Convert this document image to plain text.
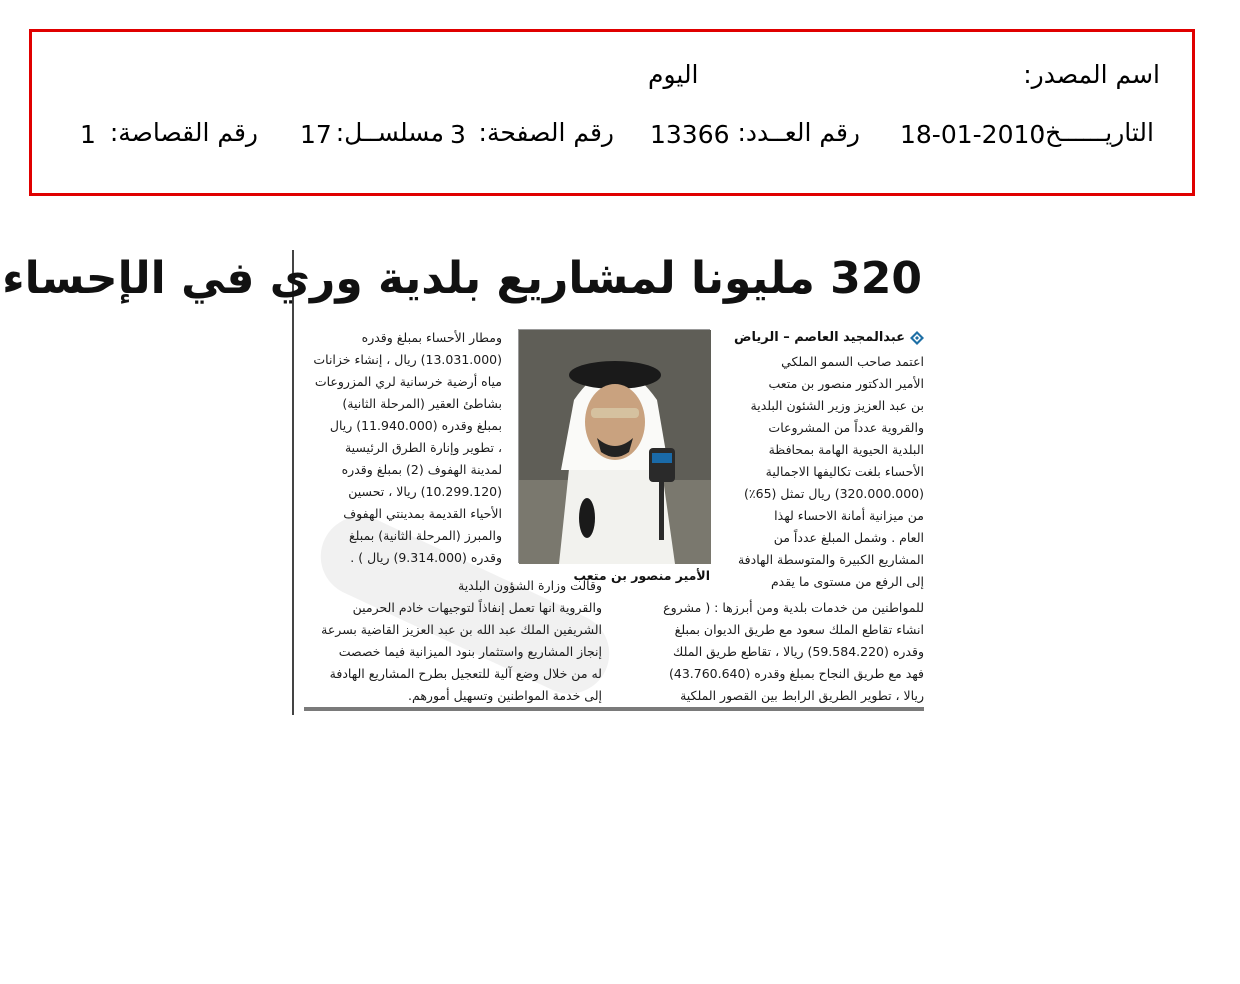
اسم المصدر:
اليوم
التاريــــــخ:
18-01-2010
رقم العــدد:
13366
رقم الصفحة:
3
مسلســل:
17
رقم القصاصة:
1
320 مليونا لمشاريع بلدية وري في الإحساء
عبدالمجيد العاصم – الرياض
اعتمد صاحب السمو الملكي
الأمير الدكتور منصور بن متعب
بن عبد العزيز وزير الشئون البلدية
والقروية عدداً من المشروعات
البلدية الحيوية الهامة بمحافظة
الأحساء بلغت تكاليفها الاجمالية
(320.000.000) ريال تمثل (65٪)
من ميزانية أمانة الاحساء لهذا
العام . وشمل المبلغ عدداً من
المشاريع الكبيرة والمتوسطة الهادفة
إلى الرفع من مستوى ما يقدم
الأمير منصور بن متعب
ومطار الأحساء بمبلغ وقدره
(13.031.000) ريال ، إنشاء خزانات
مياه أرضية خرسانية لري المزروعات
بشاطئ العقير (المرحلة الثانية)
بمبلغ وقدره (11.940.000) ريال
، تطوير وإنارة الطرق الرئيسية
لمدينة الهفوف (2) بمبلغ وقدره
(10.299.120) ريالا ، تحسين
الأحياء القديمة بمدينتي الهفوف
والمبرز (المرحلة الثانية) بمبلغ
وقدره (9.314.000) ريال ) .
وقالت وزارة الشؤون البلدية
والقروية انها تعمل إنفاذاً لتوجيهات خادم الحرمين
الشريفين الملك عبد الله بن عبد العزيز القاضية بسرعة
إنجاز المشاريع واستثمار بنود الميزانية فيما خصصت
له من خلال وضع آلية للتعجيل بطرح المشاريع الهادفة
إلى خدمة المواطنين وتسهيل أمورهم.
للمواطنين من خدمات بلدية ومن أبرزها : ( مشروع
انشاء تقاطع الملك سعود مع طريق الديوان بمبلغ
وقدره (59.584.220) ريالا ، تقاطع طريق الملك
فهد مع طريق النجاح بمبلغ وقدره (43.760.640)
ريالا ، تطوير الطريق الرابط بين القصور الملكية
